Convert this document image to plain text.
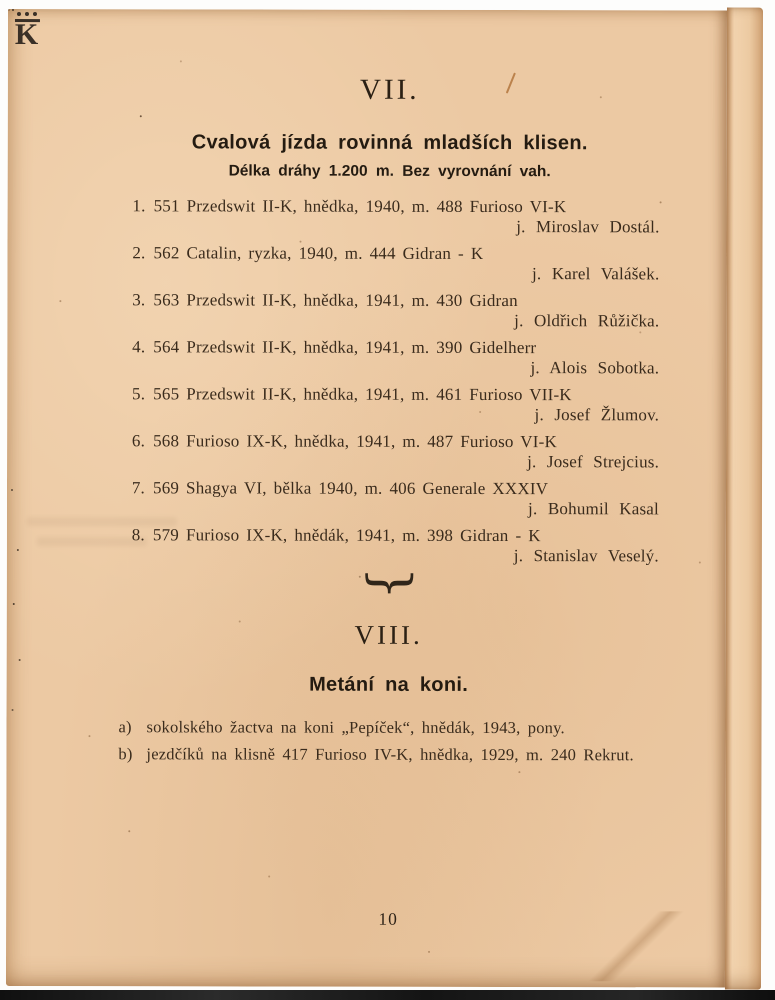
K
VII.
Cvalová jízda rovinná mladších klisen.
Délka dráhy 1.200 m. Bez vyrovnání vah.
1. 551 Przedswit II-K, hnědka, 1940, m. 488 Furioso VI-K
j. Miroslav Dostál.
2. 562 Catalin, ryzka, 1940, m. 444 Gidran - K
j. Karel Valášek.
3. 563 Przedswit II-K, hnědka, 1941, m. 430 Gidran
j. Oldřich Růžička.
4. 564 Przedswit II-K, hnědka, 1941, m. 390 Gidelherr
j. Alois Sobotka.
5. 565 Przedswit II-K, hnědka, 1941, m. 461 Furioso VII-K
j. Josef Žlumov.
6. 568 Furioso IX-K, hnědka, 1941, m. 487 Furioso VI-K
j. Josef Strejcius.
7. 569 Shagya VI, bělka 1940, m. 406 Generale XXXIV
j. Bohumil Kasal
8. 579 Furioso IX-K, hnědák, 1941, m. 398 Gidran - K
j. Stanislav Veselý.
{
VIII.
Metání na koni.
a) sokolského žactva na koni „Pepíček“, hnědák, 1943, pony.
b) jezdčíků na klisně 417 Furioso IV-K, hnědka, 1929, m. 240 Rekrut.
10
